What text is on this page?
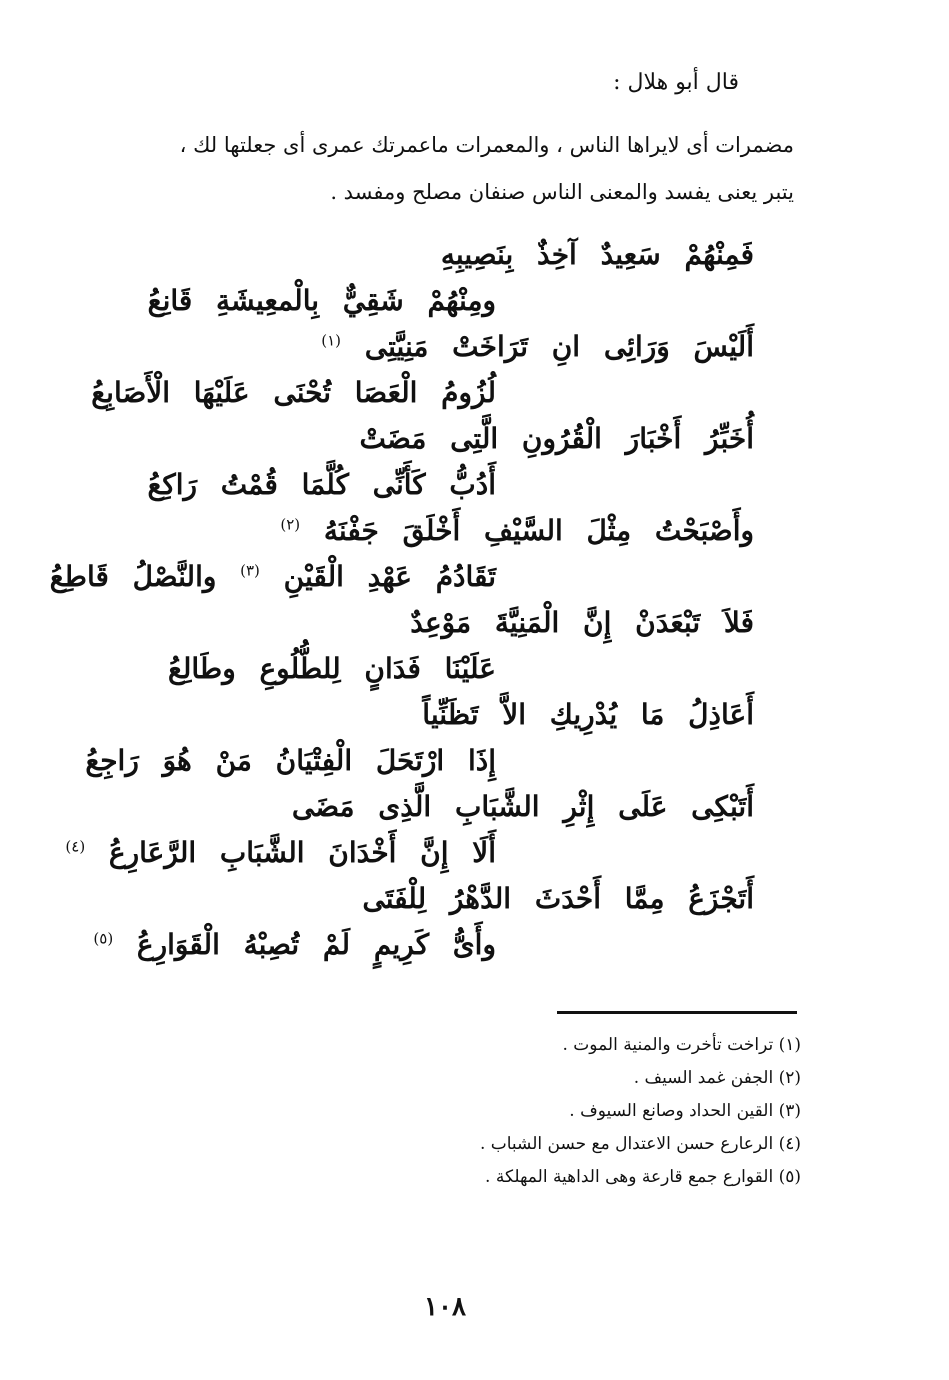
قال أبو هلال :
مضمرات أى لايراها الناس ، والمعمرات ماعمرتك عمرى أى جعلتها لك ،
يتبر يعنى يفسد والمعنى الناس صنفان مصلح ومفسد .
فَمِنْهُمْ سَعِيدٌ آخِذٌ بِنَصِيبِهِ
ومِنْهُمْ شَقِيٌّ بِالْمعِيشَةِ قَانِعُ
أَلَيْسَ وَرَائِى انِ تَرَاخَتْ مَنِيَّتِى $^{(١)}$
لُزُومُ الْعَصَا تُحْنَى عَلَيْهَا الْأَصَابِعُ
أُخَبِّرُ أَخْبَارَ الْقُرُونِ الَّتِى مَضَتْ
أَدُبُّ كَأَنِّى كُلَّمَا قُمْتُ رَاكِعُ
وأَصْبَحْتُ مِثْلَ السَّيْفِ أَخْلَقَ جَفْنَهُ $^{(٢)}$
تَقَادُمُ عَهْدِ الْقَيْنِ $^{(٣)}$ والنَّصْلُ قَاطِعُ
فَلاَ تَبْعَدَنْ إِنَّ الْمَنِيَّةَ مَوْعِدٌ
عَلَيْنَا فَدَانٍ لِلطُّلُوعِ وطَالِعُ
أَعَاذِلُ مَا يُدْرِيكِ الاَّ تَظَنِّياً
إِذَا ارْتَحَلَ الْفِتْيَانُ مَنْ هُوَ رَاجِعُ
أَتَبْكِى عَلَى إِثْرِ الشَّبَابِ الَّذِى مَضَى
أَلَا إِنَّ أَخْدَانَ الشَّبَابِ الرَّعَارِعُ $^{(٤)}$
أَتَجْزَعُ مِمَّا أَحْدَثَ الدَّهْرُ لِلْفَتَى
وأَىُّ كَرِيمٍ لَمْ تُصِبْهُ الْقَوَارِعُ $^{(٥)}$
(١) تراخت تأخرت والمنية الموت .
(٢) الجفن غمد السيف .
(٣) القين الحداد وصانع السيوف .
(٤) الرعارع حسن الاعتدال مع حسن الشباب .
(٥) القوارع جمع قارعة وهى الداهية المهلكة .
١٠٨
